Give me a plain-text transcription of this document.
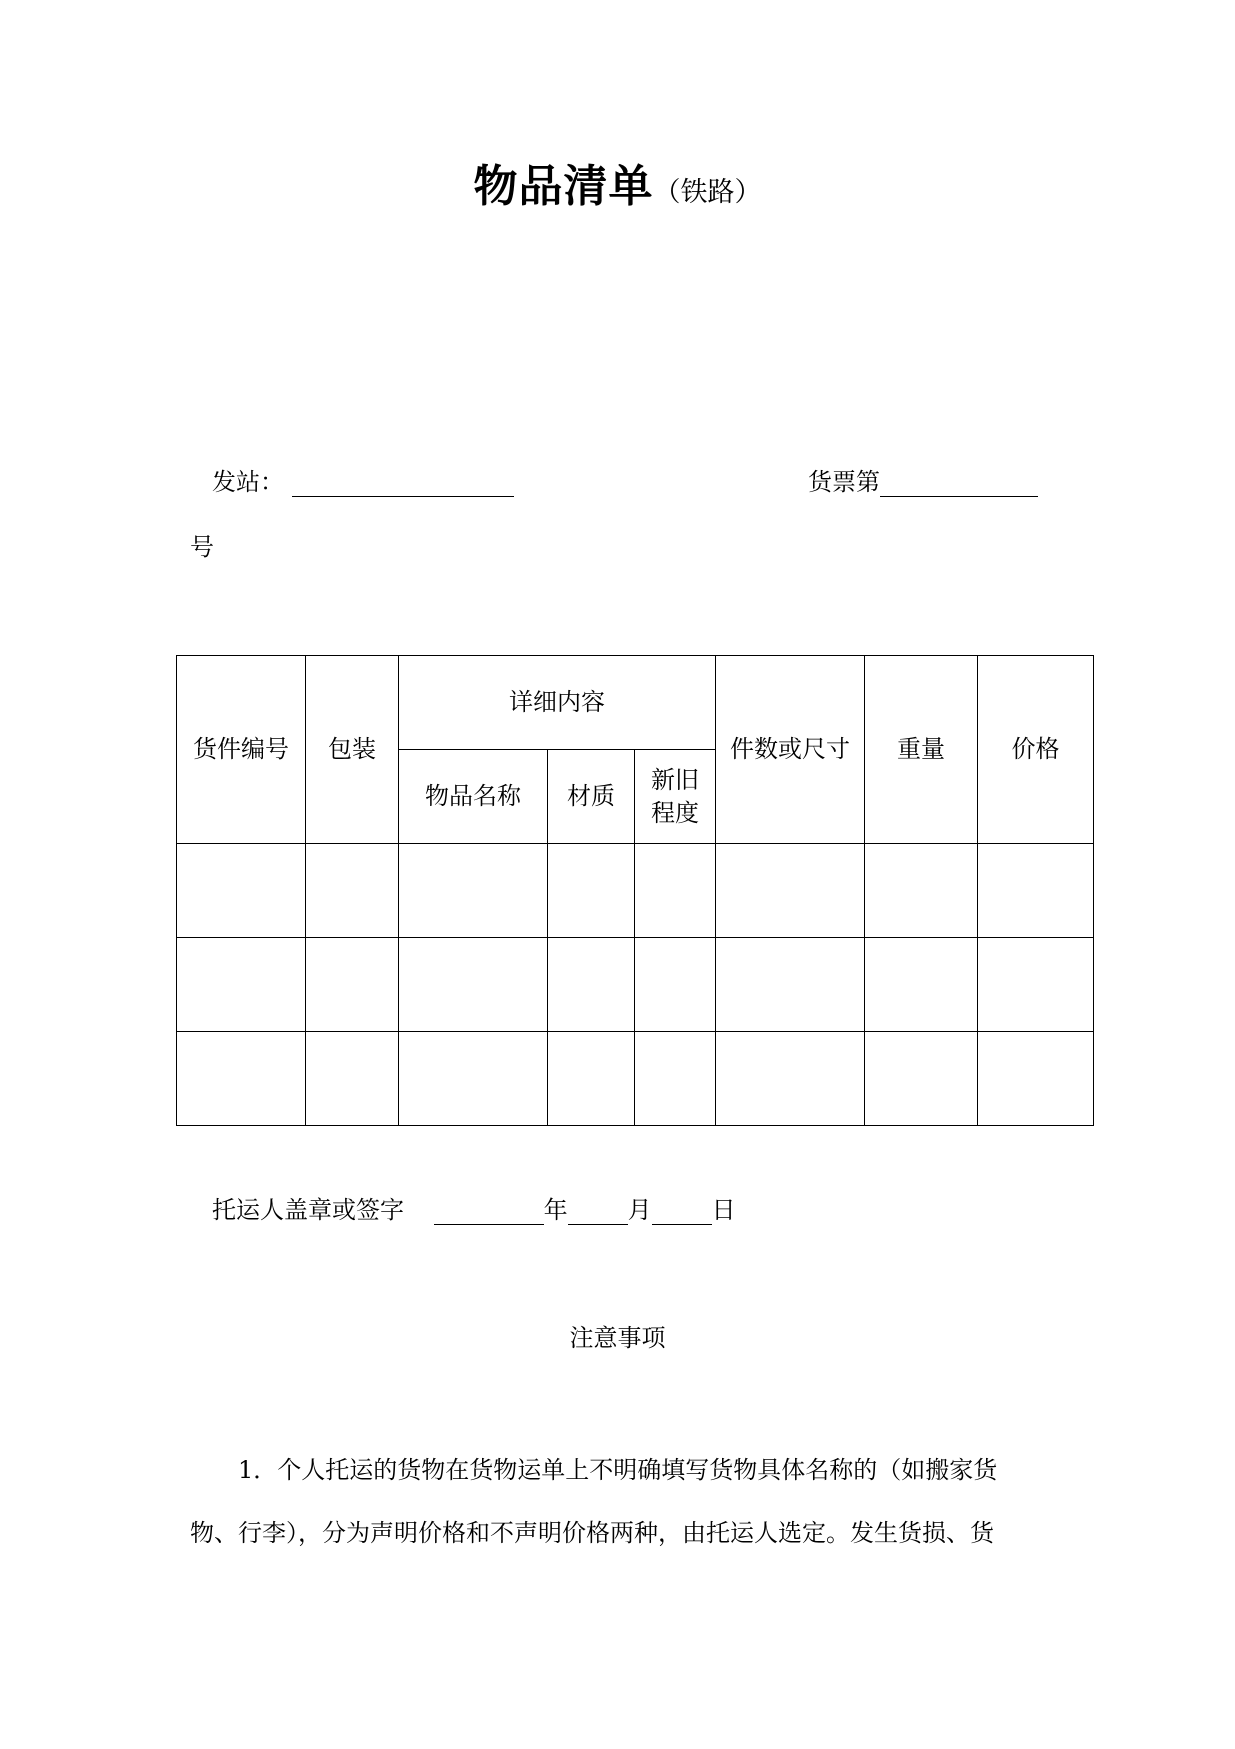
物品清单（铁路）
发站：	货票第
号
货件编号	包装	详细内容			件数或尺寸	重量	价格
		物品名称	材质	新旧
程度			

托运人盖章或签字	年	月	日
注意事项
1．个人托运的货物在货物运单上不明确填写货物具体名称的（如搬家货
物、行李），分为声明价格和不声明价格两种，由托运人选定。发生货损、货
